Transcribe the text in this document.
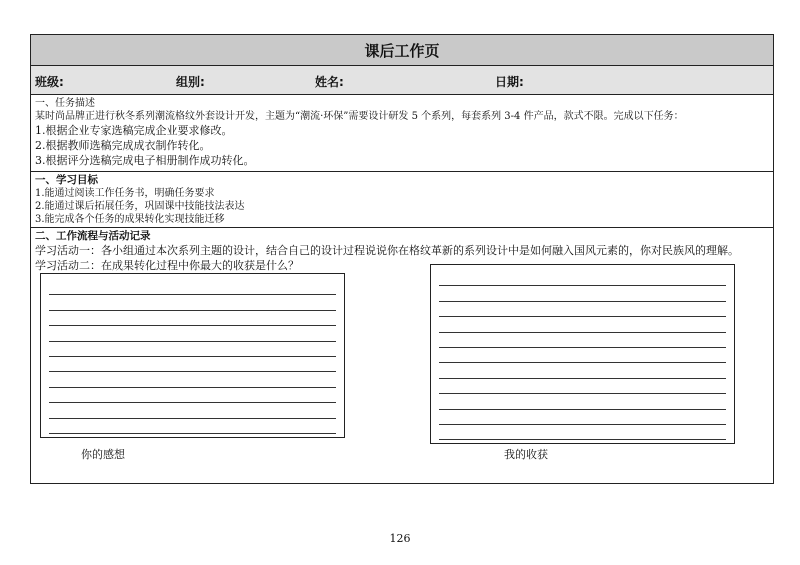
课后工作页
班级:	组别:	姓名:	日期:
一、任务描述
某时尚品牌正进行秋冬系列潮流格纹外套设计开发，主题为“潮流·环保”需要设计研发 5 个系列，每套系列 3-4 件产品，款式不限。完成以下任务：
1.根据企业专家选稿完成企业要求修改。
2.根据教师选稿完成成衣制作转化。
3.根据评分选稿完成电子相册制作成功转化。
一、学习目标
1.能通过阅读工作任务书，明确任务要求
2.能通过课后拓展任务，巩固课中技能技法表达
3.能完成各个任务的成果转化实现技能迁移
二、工作流程与活动记录
学习活动一：各小组通过本次系列主题的设计，结合自己的设计过程说说你在格纹革新的系列设计中是如何融入国风元素的，你对民族风的理解。
学习活动二：在成果转化过程中你最大的收获是什么？
你的感想	我的收获
126
